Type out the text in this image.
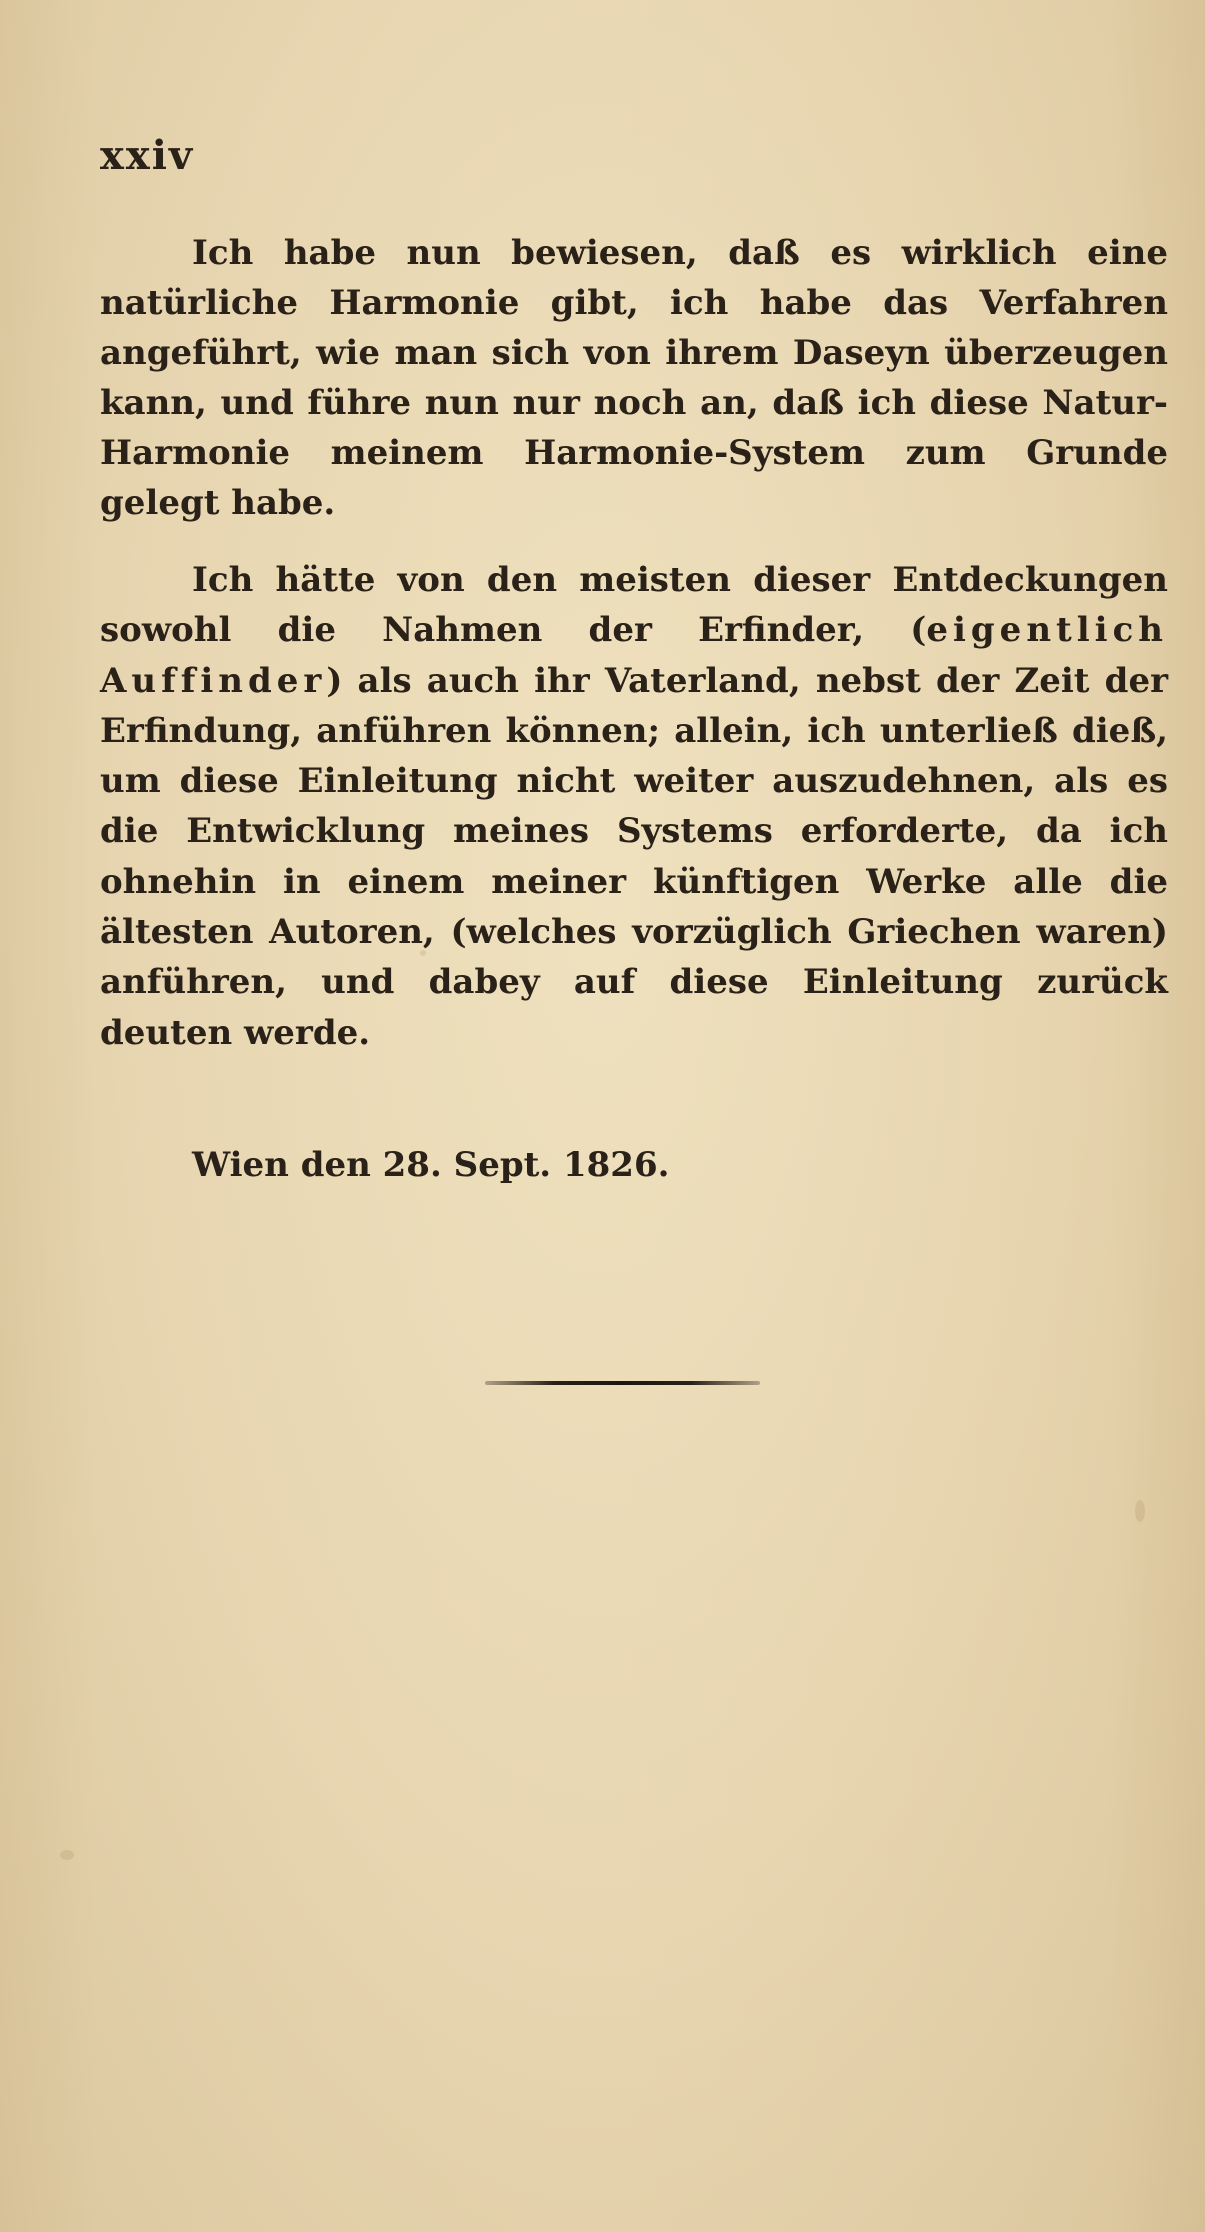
xxiv

Ich habe nun bewiesen, daß es wirklich eine natürliche Harmonie gibt, ich habe das Verfahren angeführt, wie man sich von ihrem Daseyn überzeugen kann, und führe nun nur noch an, daß ich diese Natur-Harmonie meinem Harmonie-System zum Grunde gelegt habe.

Ich hätte von den meisten dieser Entdeckungen sowohl die Nahmen der Erfinder, (eigentlich Auffinder) als auch ihr Vaterland, nebst der Zeit der Erfindung, anführen können; allein, ich unterließ dieß, um diese Einleitung nicht weiter auszudehnen, als es die Entwicklung meines Systems erforderte, da ich ohnehin in einem meiner künftigen Werke alle die ältesten Autoren, (welches vorzüglich Griechen waren) anführen, und dabey auf diese Einleitung zurück deuten werde.

Wien den 28. Sept. 1826.
